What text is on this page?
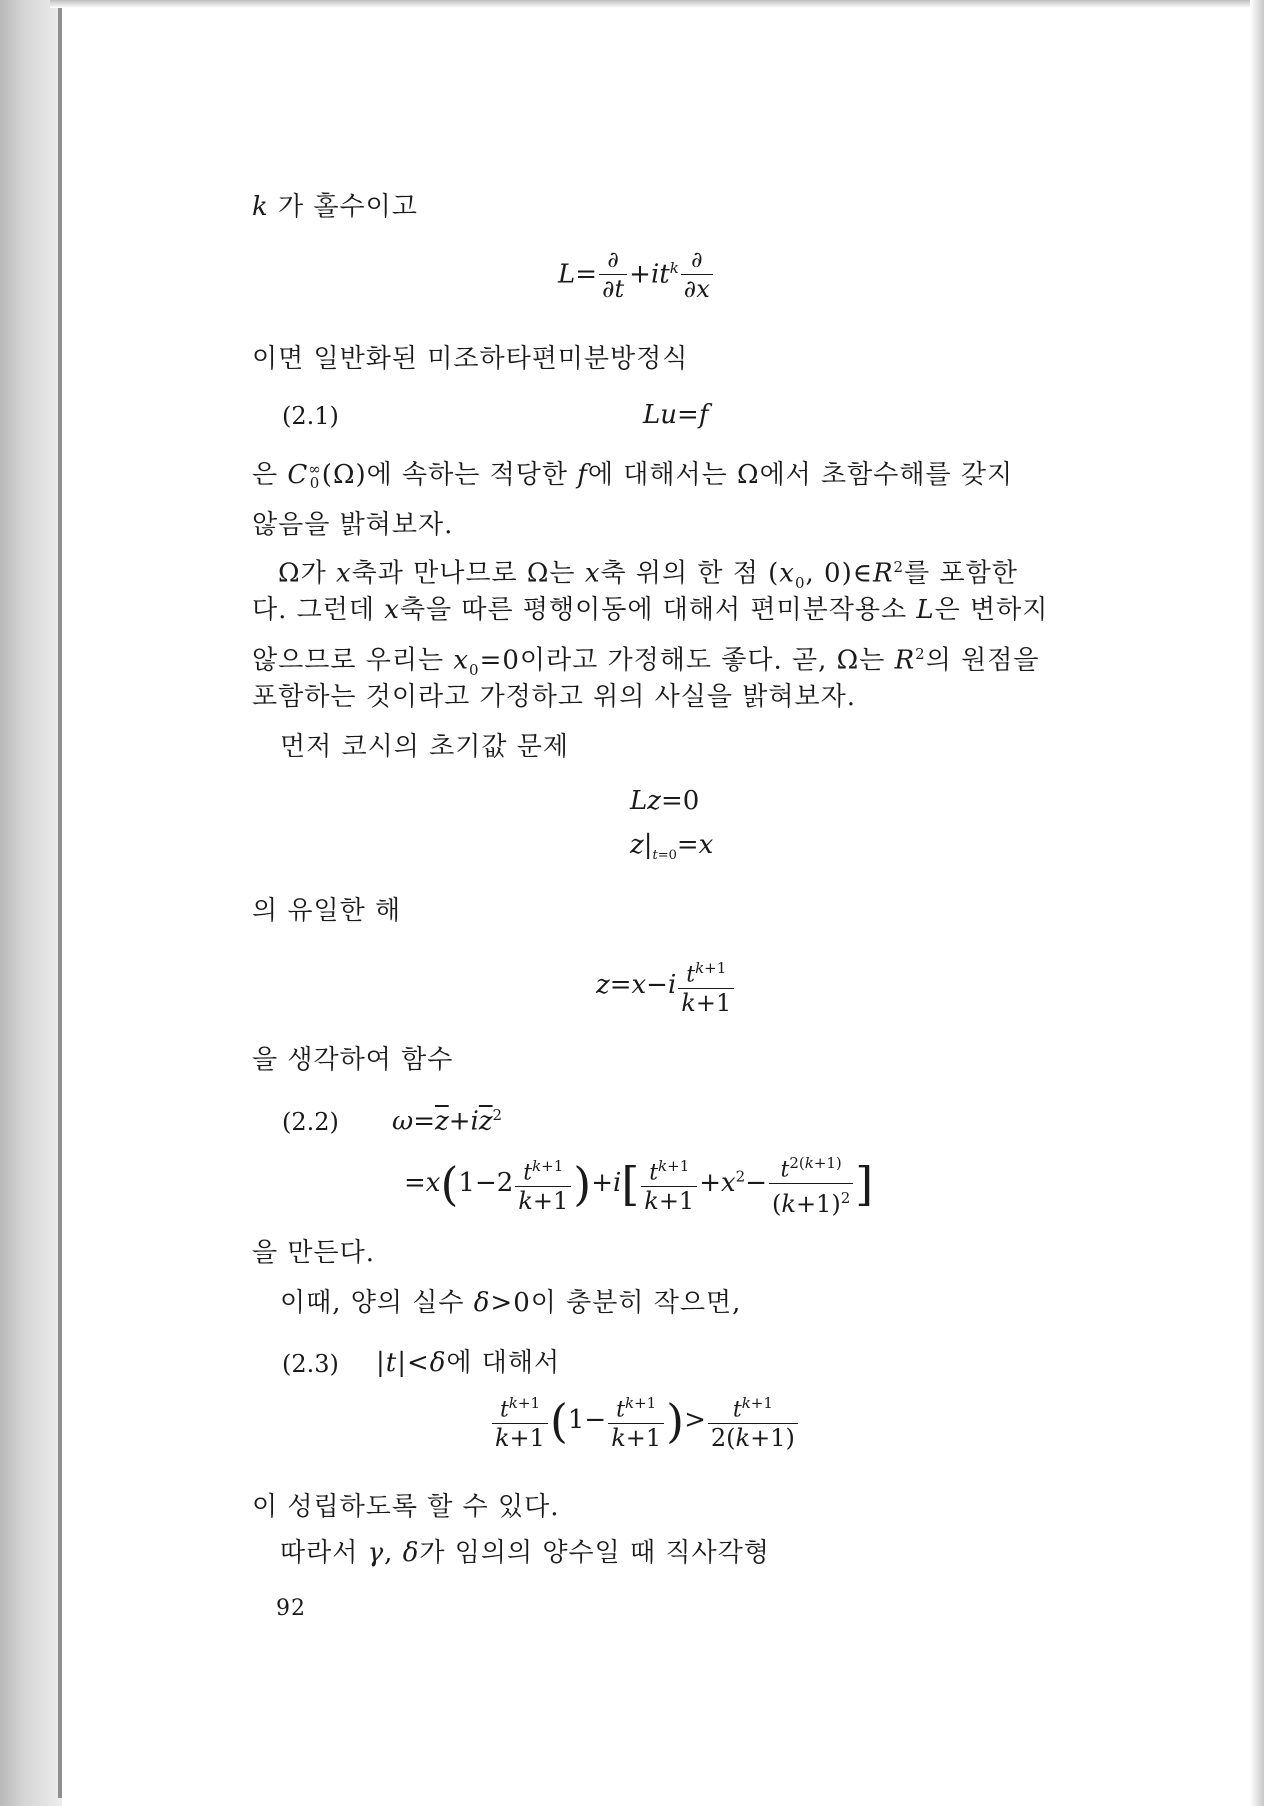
k 가 홀수이고
$L= \frac{\partial}{\partial t} +it^k \frac{\partial}{\partial x}$
이면 일반화된 미조하타편미분방정식
(2.1)	Lu=f
은 C ∞
0 (Ω)에 속하는 적당한 f에 대해서는 Ω에서 초함수해를 갖지
않음을 밝혀보자.
Ω가 x축과 만나므로 Ω는 x축 위의 한 점 ($x_0$, $0)\in R^2$를 포함한
다. 그런데 x축을 따른 평행이동에 대해서 편미분작용소 L은 변하지
않으므로 우리는 $x_0=0$이라고 가정해도 좋다. 곧, Ω는 $R^2$의 원점을
포함하는 것이라고 가정하고 위의 사실을 밝혀보자.
먼저 코시의 초기값 문제
Lz=0
$z|_{t=0}=x$
의 유일한 해
$z=x-i \frac{t^{k+1}}{k+1}$
을 생각하여 함수
(2.2) $\omega=\overline{z}+i\overline{z}^2$
$=x(1-2 \frac{t^{k+1}}{k+1} )+i[ \frac{t^{k+1}}{k+1} +x^2- \frac{t^{2(k+1)}}{(k+1)^2}$ ]
을 만든다.
이때, 양의 실수 δ>0이 충분히 작으면,
(2.3) |t|<δ에 대해서
$\frac{t^{k+1}}{k+1} (1- \frac{t^{k+1}}{k+1}$ )> $\frac{t^{k+1}}{2(k+1)}$
이 성립하도록 할 수 있다.
따라서 γ, δ가 임의의 양수일 때 직사각형
92
